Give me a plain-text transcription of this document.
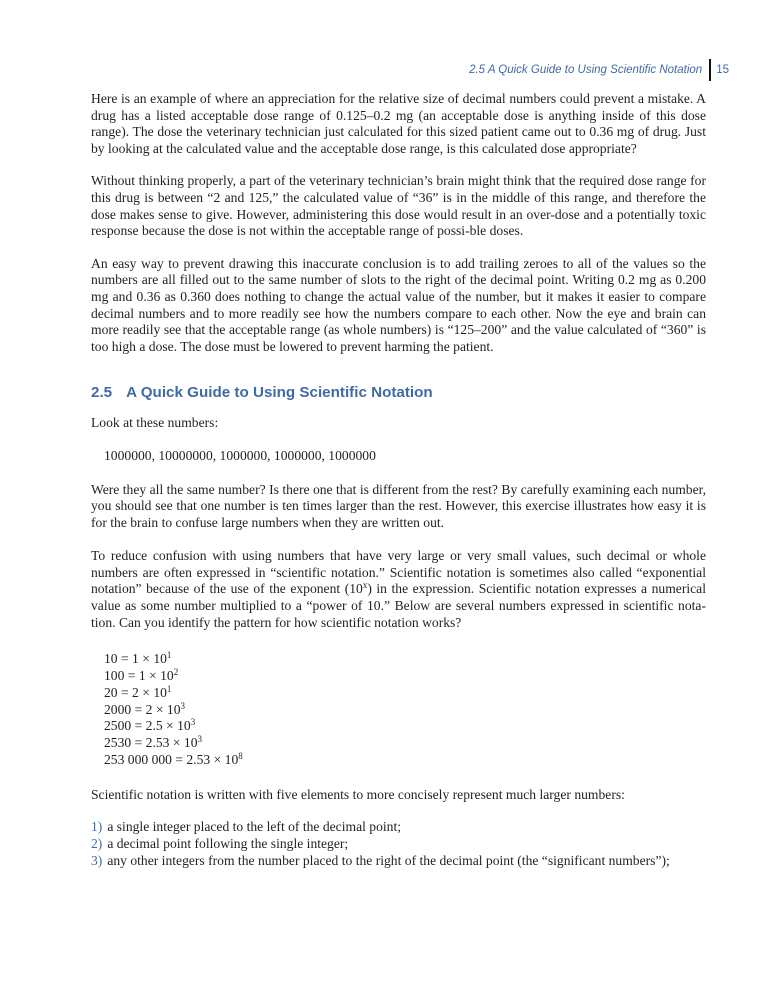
2.5 A Quick Guide to Using Scientific Notation 15

Here is an example of where an appreciation for the relative size of decimal numbers could prevent a mistake. A drug has a listed acceptable dose range of 0.125–0.2 mg (an acceptable dose is anything inside of this dose range). The dose the veterinary technician just calculated for this sized patient came out to 0.36 mg of drug. Just by looking at the calculated value and the acceptable dose range, is this calculated dose appropriate?

Without thinking properly, a part of the veterinary technician’s brain might think that the required dose range for this drug is between “2 and 125,” the calculated value of “36” is in the middle of this range, and therefore the dose makes sense to give. However, administering this dose would result in an over-dose and a potentially toxic response because the dose is not within the acceptable range of possi-ble doses.

An easy way to prevent drawing this inaccurate conclusion is to add trailing zeroes to all of the values so the numbers are all filled out to the same number of slots to the right of the decimal point. Writing 0.2 mg as 0.200 mg and 0.36 as 0.360 does nothing to change the actual value of the number, but it makes it easier to compare decimal numbers and to more readily see how the numbers compare to each other. Now the eye and brain can more readily see that the acceptable range (as whole numbers) is “125–200” and the value calculated of “360” is too high a dose. The dose must be lowered to prevent harming the patient.

2.5 A Quick Guide to Using Scientific Notation

Look at these numbers:

1000000, 10000000, 1000000, 1000000, 1000000

Were they all the same number? Is there one that is different from the rest? By carefully examining each number, you should see that one number is ten times larger than the rest. However, this exercise illustrates how easy it is for the brain to confuse large numbers when they are written out.

To reduce confusion with using numbers that have very large or very small values, such decimal or whole numbers are often expressed in “scientific notation.” Scientific notation is sometimes also called “exponential notation” because of the use of the exponent (10$^x$) in the expression. Scientific notation expresses a numerical value as some number multiplied to a “power of 10.” Below are several numbers expressed in scientific nota-tion. Can you identify the pattern for how scientific notation works?

$10 = 1 \times 10^1$
$100 = 1 \times 10^2$
$20 = 2 \times 10^1$
$2000 = 2 \times 10^3$
$2500 = 2.5 \times 10^3$
$2530 = 2.53 \times 10^3$
253 000 $000 = 2.53 \times 10^8$

Scientific notation is written with five elements to more concisely represent much larger numbers:

1) a single integer placed to the left of the decimal point;
2) a decimal point following the single integer;
3) any other integers from the number placed to the right of the decimal point (the “significant numbers”);
